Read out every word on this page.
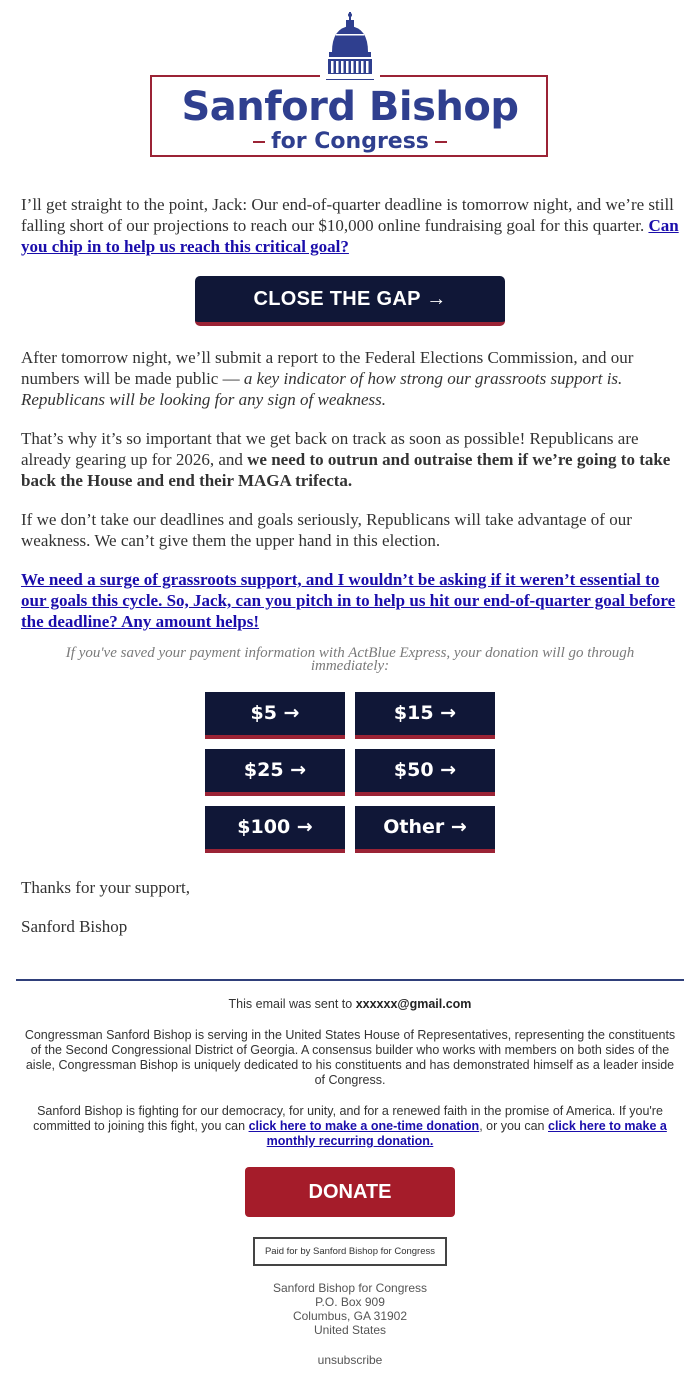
Sanford Bishop
for Congress

I’ll get straight to the point, Jack: Our end-of-quarter deadline is tomorrow night, and we’re still falling short of our projections to reach our $10,000 online fundraising goal for this quarter. Can you chip in to help us reach this critical goal?

CLOSE THE GAP →

After tomorrow night, we’ll submit a report to the Federal Elections Commission, and our numbers will be made public — a key indicator of how strong our grassroots support is. Republicans will be looking for any sign of weakness.

That’s why it’s so important that we get back on track as soon as possible! Republicans are already gearing up for 2026, and we need to outrun and outraise them if we’re going to take back the House and end their MAGA trifecta.

If we don’t take our deadlines and goals seriously, Republicans will take advantage of our weakness. We can’t give them the upper hand in this election.

We need a surge of grassroots support, and I wouldn’t be asking if it weren’t essential to our goals this cycle. So, Jack, can you pitch in to help us hit our end-of-quarter goal before the deadline? Any amount helps!

If you've saved your payment information with ActBlue Express, your donation will go through immediately:
$5 →	$15 →
$25 →	$50 →
$100 →	Other →

Thanks for your support,

Sanford Bishop

This email was sent to xxxxxx@gmail.com
Congressman Sanford Bishop is serving in the United States House of Representatives, representing the constituents of the Second Congressional District of Georgia. A consensus builder who works with members on both sides of the aisle, Congressman Bishop is uniquely dedicated to his constituents and has demonstrated himself as a leader inside of Congress.
Sanford Bishop is fighting for our democracy, for unity, and for a renewed faith in the promise of America. If you're committed to joining this fight, you can click here to make a one-time donation, or you can click here to make a monthly recurring donation.
DONATE
Paid for by Sanford Bishop for Congress
Sanford Bishop for Congress
P.O. Box 909
Columbus, GA 31902
United States
unsubscribe
